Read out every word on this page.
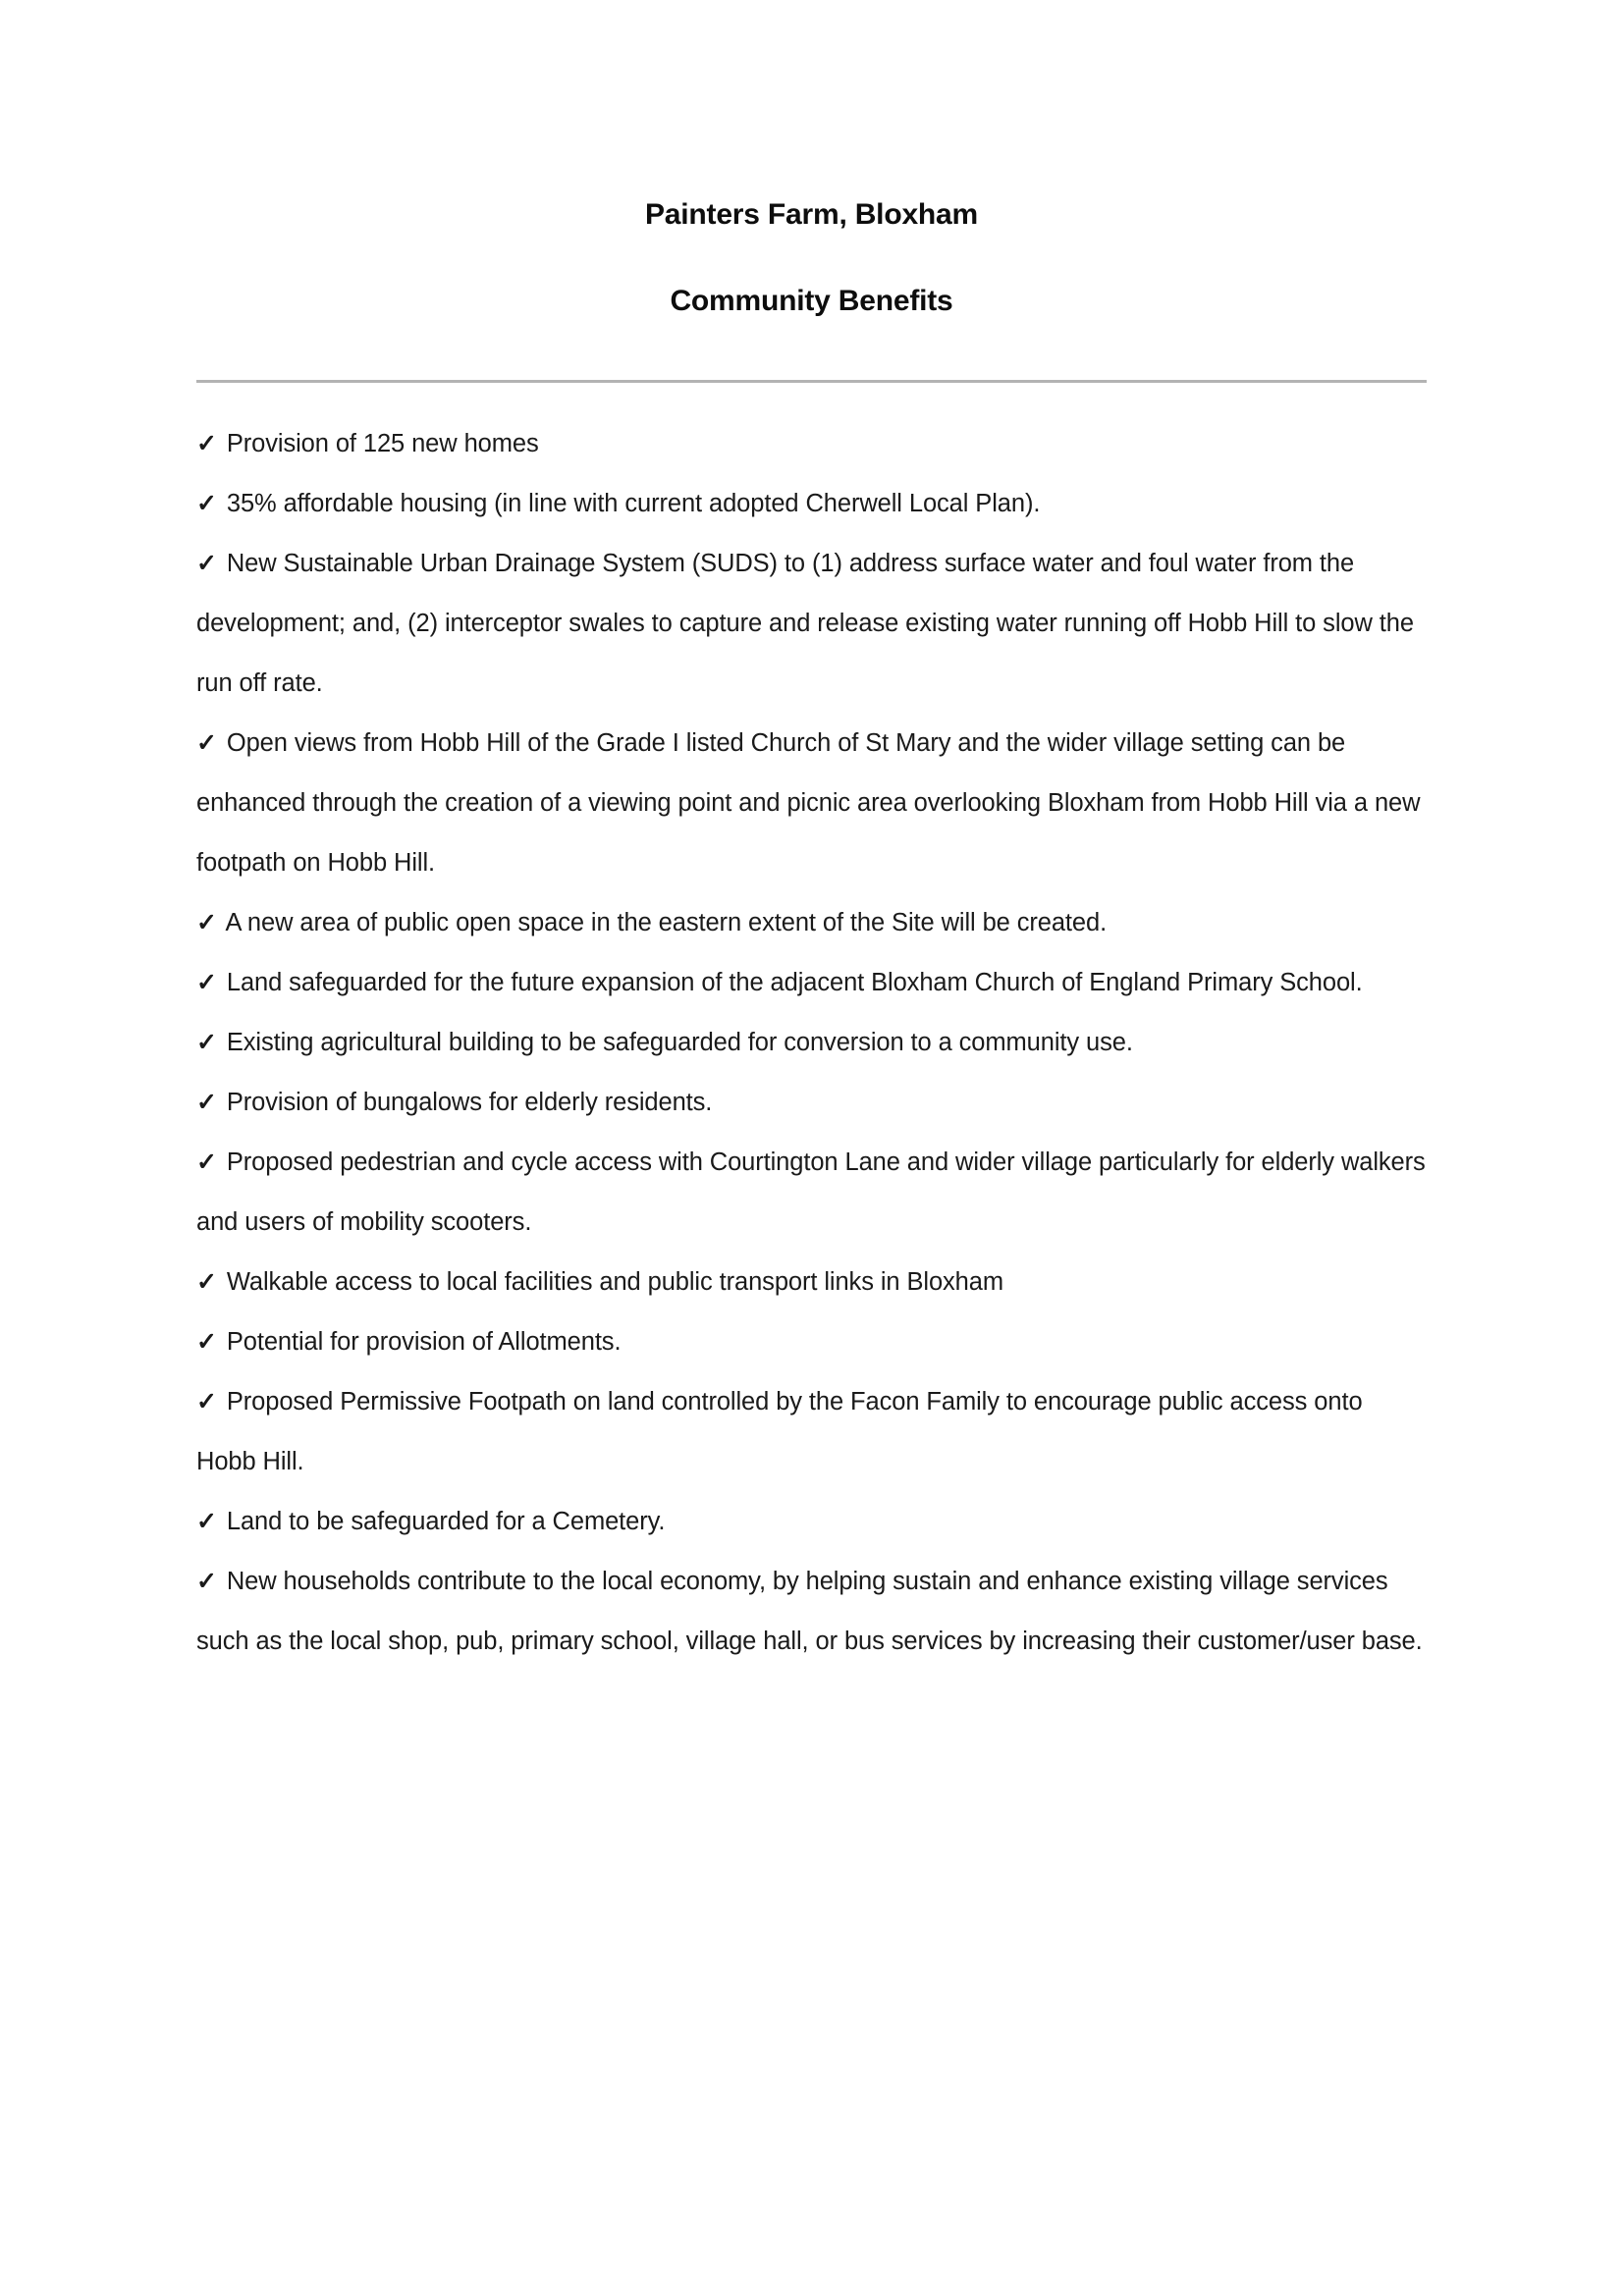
Painters Farm, Bloxham
Community Benefits
✓ Provision of 125 new homes
✓ 35% affordable housing (in line with current adopted Cherwell Local Plan).
✓ New Sustainable Urban Drainage System (SUDS) to (1) address surface water and foul water from the development; and, (2) interceptor swales to capture and release existing water running off Hobb Hill to slow the run off rate.
✓ Open views from Hobb Hill of the Grade I listed Church of St Mary and the wider village setting can be enhanced through the creation of a viewing point and picnic area overlooking Bloxham from Hobb Hill via a new footpath on Hobb Hill.
✓ A new area of public open space in the eastern extent of the Site will be created.
✓ Land safeguarded for the future expansion of the adjacent Bloxham Church of England Primary School.
✓ Existing agricultural building to be safeguarded for conversion to a community use.
✓ Provision of bungalows for elderly residents.
✓ Proposed pedestrian and cycle access with Courtington Lane and wider village particularly for elderly walkers and users of mobility scooters.
✓ Walkable access to local facilities and public transport links in Bloxham
✓ Potential for provision of Allotments.
✓ Proposed Permissive Footpath on land controlled by the Facon Family to encourage public access onto Hobb Hill.
✓ Land to be safeguarded for a Cemetery.
✓ New households contribute to the local economy, by helping sustain and enhance existing village services such as the local shop, pub, primary school, village hall, or bus services by increasing their customer/user base.
